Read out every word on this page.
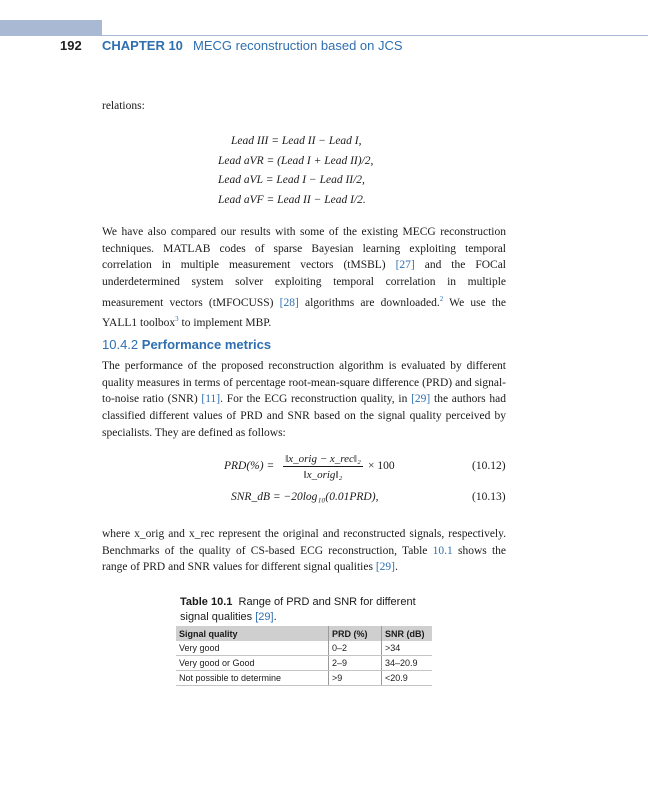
192 CHAPTER 10 MECG reconstruction based on JCS
relations:
Lead III = Lead II − Lead I,
Lead aVR = (Lead I + Lead II)/2,
Lead aVL = Lead I − Lead II/2,
Lead aVF = Lead II − Lead I/2.

We have also compared our results with some of the existing MECG reconstruction techniques. MATLAB codes of sparse Bayesian learning exploiting temporal correlation in multiple measurement vectors (tMSBL) [27] and the FOCal underdetermined system solver exploiting temporal correlation in multiple measurement vectors (tMFOCUSS) [28] algorithms are downloaded.$^2$ We use the YALL1 toolbox$^3$ to implement MBP.

10.4.2 Performance metrics

The performance of the proposed reconstruction algorithm is evaluated by different quality measures in terms of percentage root-mean-square difference (PRD) and signal-to-noise ratio (SNR) [11]. For the ECG reconstruction quality, in [29] the authors had classified different values of PRD and SNR based on the signal quality perceived by specialists. They are defined as follows:

PRD(%) =
‖x_orig − x_rec‖₂
‖x_orig‖₂
× 100	(10.12)
SNR_dB = −20log₁₀(0.01PRD),	(10.13)

where x_orig and x_rec represent the original and reconstructed signals, respectively. Benchmarks of the quality of CS-based ECG reconstruction, Table 10.1 shows the range of PRD and SNR values for different signal qualities [29].

Table 10.1 Range of PRD and SNR for different signal qualities [29].
Signal quality	PRD (%)	SNR (dB)
Very good	0–2	>34
Very good or Good	2–9	34–20.9
Not possible to determine	>9	<20.9
